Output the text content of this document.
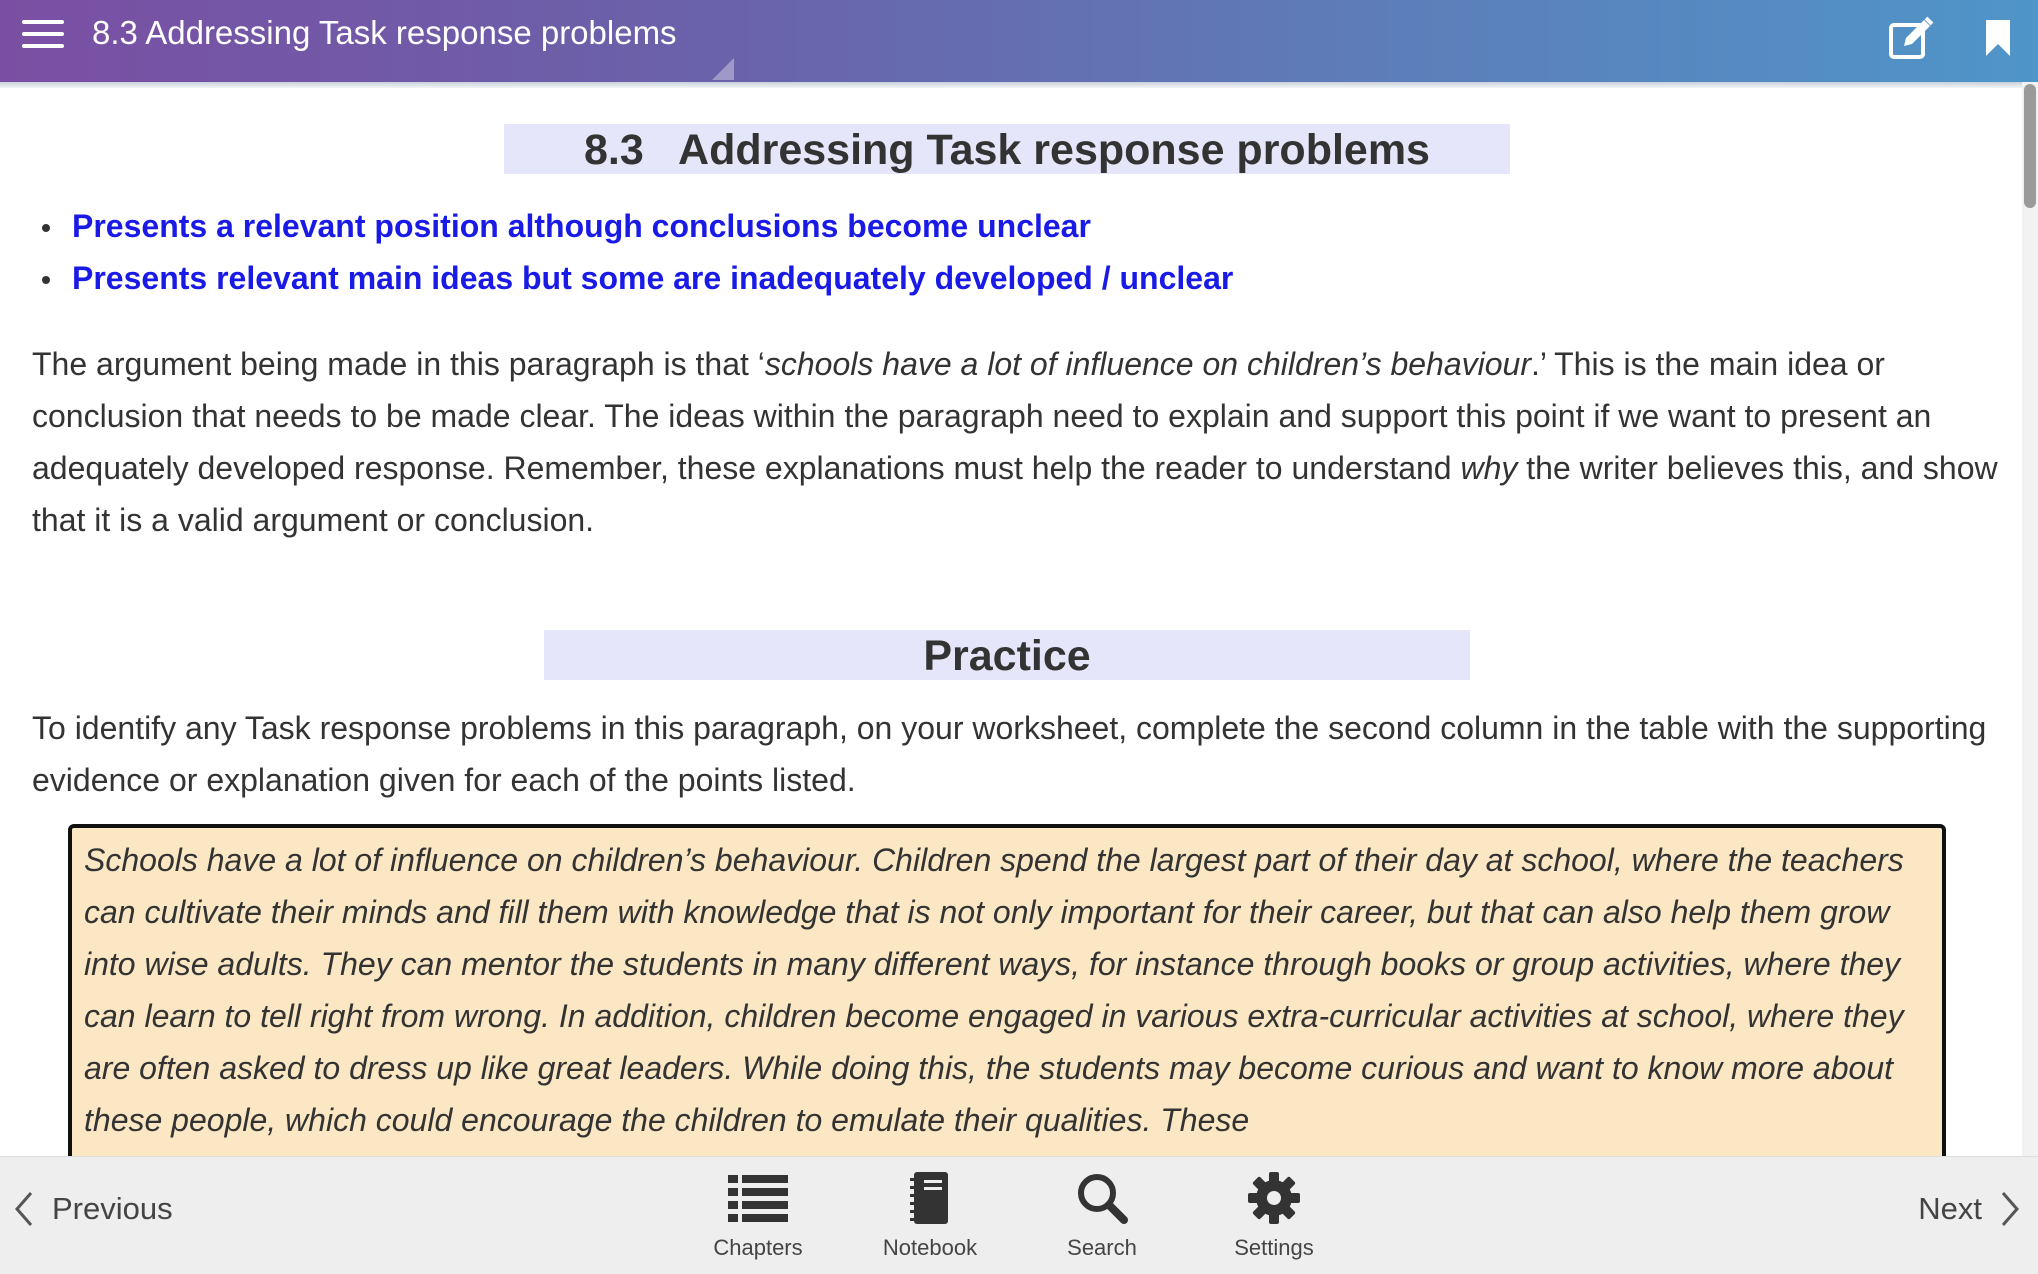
8.3 Addressing Task response problems
8.3   Addressing Task response problems
Presents a relevant position although conclusions become unclear
Presents relevant main ideas but some are inadequately developed / unclear

The argument being made in this paragraph is that ‘schools have a lot of influence on children’s behaviour.’ This is the main idea or conclusion that needs to be made clear. The ideas within the paragraph need to explain and support this point if we want to present an adequately developed response. Remember, these explanations must help the reader to understand why the writer believes this, and show that it is a valid argument or conclusion.

Practice

To identify any Task response problems in this paragraph, on your worksheet, complete the second column in the table with the supporting evidence or explanation given for each of the points listed.

Schools have a lot of influence on children’s behaviour. Children spend the largest part of their day at school, where the teachers can cultivate their minds and fill them with knowledge that is not only important for their career, but that can also help them grow into wise adults. They can mentor the students in many different ways, for instance through books or group activities, where they can learn to tell right from wrong. In addition, children become engaged in various extra-curricular activities at school, where they are often asked to dress up like great leaders. While doing this, the students may become curious and want to know more about these people, which could encourage the children to emulate their qualities. These
Previous
Chapters	Notebook	Search	Settings
Next
